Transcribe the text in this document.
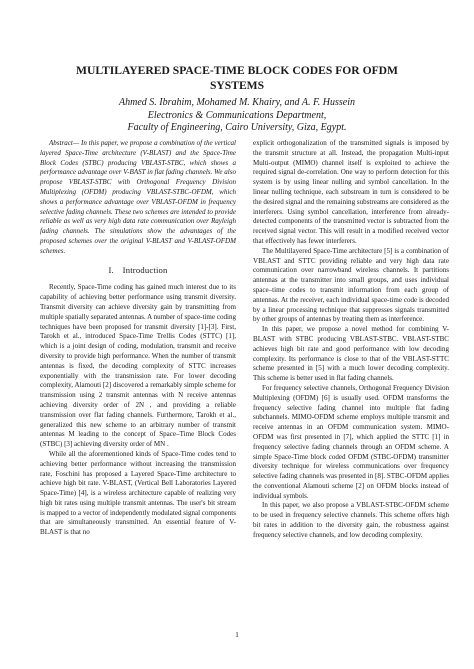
MULTILAYERED SPACE-TIME BLOCK CODES FOR OFDM
SYSTEMS
Ahmed S. Ibrahim, Mohamed M. Khairy, and A. F. Hussein
Electronics & Communications Department,
Faculty of Engineering, Cairo University, Giza, Egypt.

Abstract— In this paper, we propose a combination of the vertical layered Space-Time architecture (V-BLAST) and the Space-Time Block Codes (STBC) producing VBLAST-STBC, which shows a performance advantage over V-BAST in flat fading channels. We also propose VBLAST-STBC with Orthogonal Frequency Division Multiplexing (OFDM) producing VBLAST-STBC-OFDM, which shows a performance advantage over VBLAST-OFDM in frequency selective fading channels. These two schemes are intended to provide reliable as well as very high data rate communication over Rayleigh fading channels. The simulations show the advantages of the proposed schemes over the original V-BLAST and V-BLAST-OFDM schemes.

I. Introduction

Recently, Space-Time coding has gained much interest due to its capability of achieving better performance using transmit diversity. Transmit diversity can achieve diversity gain by transmitting from multiple spatially separated antennas. A number of space-time coding techniques have been proposed for transmit diversity [1]-[3]. First, Tarokh et al., introduced Space-Time Trellis Codes (STTC) [1], which is a joint design of coding, modulation, transmit and receive diversity to provide high performance. When the number of transmit antennas is fixed, the decoding complexity of STTC increases exponentially with the transmission rate. For lower decoding complexity, Alamouti [2] discovered a remarkably simple scheme for transmission using 2 transmit antennas with N receive antennas achieving diversity order of 2N , and providing a reliable transmission over flat fading channels. Furthermore, Tarokh et al., generalized this new scheme to an arbitrary number of transmit antennas M leading to the concept of Space–Time Block Codes (STBC) [3] achieving diversity order of MN .

While all the aforementioned kinds of Space-Time codes tend to achieving better performance without increasing the transmission rate, Foschini has proposed a Layered Space-Time architecture to achieve high bit rate. V-BLAST, (Vertical Bell Laboratories Layered Space-Time) [4], is a wireless architecture capable of realizing very high bit rates using multiple transmit antennas. The user's bit stream is mapped to a vector of independently modulated signal components that are simultaneously transmitted. An essential feature of V-BLAST is that no

explicit orthogonalization of the transmitted signals is imposed by the transmit structure at all. Instead, the propagation Multi-input Multi-output (MIMO) channel itself is exploited to achieve the required signal de-correlation. One way to perform detection for this system is by using linear nulling and symbol cancellation. In the linear nulling technique, each substream in turn is considered to be the desired signal and the remaining substreams are considered as the interferers. Using symbol cancellation, interference from already-detected components of the transmitted vector is subtracted from the received signal vector. This will result in a modified received vector that effectively has fewer interferers.

The Multilayered Space-Time architecture [5] is a combination of VBLAST and STTC providing reliable and very high data rate communication over narrowband wireless channels. It partitions antennas at the transmitter into small groups, and uses individual space–time codes to transmit information from each group of antennas. At the receiver, each individual space-time code is decoded by a linear processing technique that suppresses signals transmitted by other groups of antennas by treating them as interference.

In this paper, we propose a novel method for combining V-BLAST with STBC producing VBLAST-STBC. VBLAST-STBC achieves high bit rate and good performance with low decoding complexity. Its performance is close to that of the VBLAST-STTC scheme presented in [5] with a much lower decoding complexity. This scheme is better used in flat fading channels.

For frequency selective channels, Orthogonal Frequency Division Multiplexing (OFDM) [6] is usually used. OFDM transforms the frequency selective fading channel into multiple flat fading subchannels. MIMO-OFDM scheme employs multiple transmit and receive antennas in an OFDM communication system. MIMO-OFDM was first presented in [7], which applied the STTC [1] in frequency selective fading channels through an OFDM scheme. A simple Space-Time block coded OFDM (STBC-OFDM) transmitter diversity technique for wireless communications over frequency selective fading channels was presented in [8]. STBC-OFDM applies the conventional Alamouti scheme [2] on OFDM blocks instead of individual symbols.

In this paper, we also propose a VBLAST-STBC-OFDM scheme to be used in frequency selective channels. This scheme offers high bit rates in addition to the diversity gain, the robustness against frequency selective channels, and low decoding complexity.

1
